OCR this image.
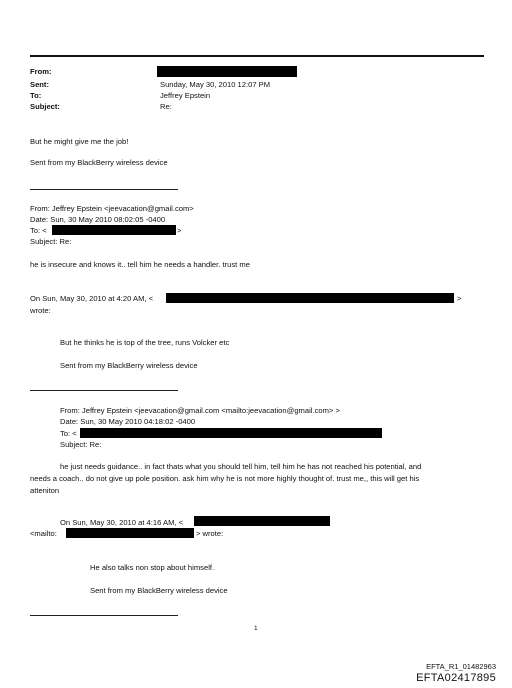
From:
Sent:	Sunday, May 30, 2010 12:07 PM
To:	Jeffrey Epstein
Subject:	Re:
But he might give me the job!
Sent from my BlackBerry wireless device
From: Jeffrey Epstein <jeevacation@gmail.com>
Date: Sun, 30 May 2010 08:02:05 -0400
To: <	>
Subject: Re:
he is insecure and knows it.. tell him he needs a handler. trust me
On Sun, May 30, 2010 at 4:20 AM, <	>
wrote:
But he thinks he is top of the tree, runs Volcker etc
Sent from my BlackBerry wireless device
From: Jeffrey Epstein <jeevacation@gmail.com <mailto:jeevacation@gmail.com> >
Date: Sun, 30 May 2010 04:18:02 -0400
To: <
Subject: Re:
he just needs guidance.. in fact thats what you should tell him, tell him he has not reached his potential, and
needs a coach.. do not give up pole position. ask him why he is not more highly thought of. trust me,, this will get his
atteniton
On Sun, May 30, 2010 at 4:16 AM, <
<mailto:	> wrote:
He also talks non stop about himself.
Sent from my BlackBerry wireless device
1
EFTA_R1_01482963
EFTA02417895
